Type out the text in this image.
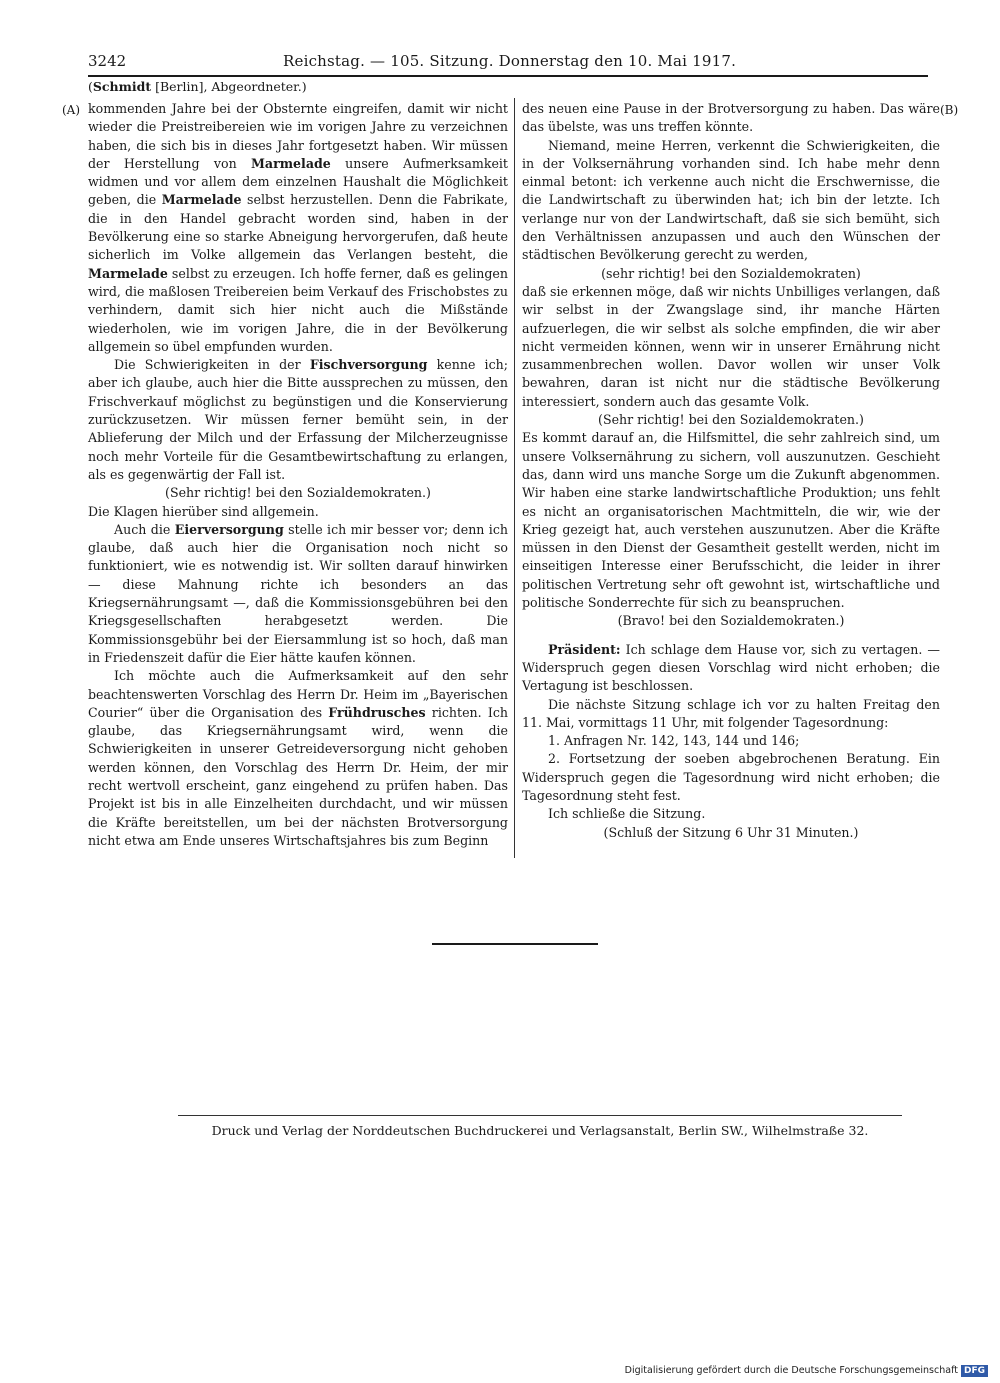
3242	Reichstag. — 105. Sitzung. Donnerstag den 10. Mai 1917.
(Schmidt [Berlin], Abgeordneter.)
(A)	(B)

kommenden Jahre bei der Obsternte eingreifen, damit wir nicht wieder die Preistreibereien wie im vorigen Jahre zu verzeichnen haben, die sich bis in dieses Jahr fortgesetzt haben. Wir müssen der Herstellung von Marmelade unsere Aufmerksamkeit widmen und vor allem dem einzelnen Haushalt die Möglichkeit geben, die Marmelade selbst herzustellen. Denn die Fabrikate, die in den Handel gebracht worden sind, haben in der Bevölkerung eine so starke Abneigung hervorgerufen, daß heute sicherlich im Volke allgemein das Verlangen besteht, die Marmelade selbst zu erzeugen. Ich hoffe ferner, daß es gelingen wird, die maßlosen Treibereien beim Verkauf des Frischobstes zu verhindern, damit sich hier nicht auch die Mißstände wiederholen, wie im vorigen Jahre, die in der Bevölkerung allgemein so übel empfunden wurden.

Die Schwierigkeiten in der Fischversorgung kenne ich; aber ich glaube, auch hier die Bitte aussprechen zu müssen, den Frischverkauf möglichst zu begünstigen und die Konservierung zurückzusetzen. Wir müssen ferner bemüht sein, in der Ablieferung der Milch und der Erfassung der Milcherzeugnisse noch mehr Vorteile für die Gesamtbewirtschaftung zu erlangen, als es gegenwärtig der Fall ist.

(Sehr richtig! bei den Sozialdemokraten.)

Die Klagen hierüber sind allgemein.

Auch die Eierversorgung stelle ich mir besser vor; denn ich glaube, daß auch hier die Organisation noch nicht so funktioniert, wie es notwendig ist. Wir sollten darauf hinwirken — diese Mahnung richte ich besonders an das Kriegsernährungsamt —, daß die Kommissionsgebühren bei den Kriegsgesellschaften herabgesetzt werden. Die Kommissionsgebühr bei der Eiersammlung ist so hoch, daß man in Friedenszeit dafür die Eier hätte kaufen können.

Ich möchte auch die Aufmerksamkeit auf den sehr beachtenswerten Vorschlag des Herrn Dr. Heim im „Bayerischen Courier“ über die Organisation des Frühdrusches richten. Ich glaube, das Kriegsernährungsamt wird, wenn die Schwierigkeiten in unserer Getreideversorgung nicht gehoben werden können, den Vorschlag des Herrn Dr. Heim, der mir recht wertvoll erscheint, ganz eingehend zu prüfen haben. Das Projekt ist bis in alle Einzelheiten durchdacht, und wir müssen die Kräfte bereitstellen, um bei der nächsten Brotversorgung nicht etwa am Ende unseres Wirtschaftsjahres bis zum Beginn

des neuen eine Pause in der Brotversorgung zu haben. Das wäre das übelste, was uns treffen könnte.

Niemand, meine Herren, verkennt die Schwierigkeiten, die in der Volksernährung vorhanden sind. Ich habe mehr denn einmal betont: ich verkenne auch nicht die Erschwernisse, die die Landwirtschaft zu überwinden hat; ich bin der letzte. Ich verlange nur von der Landwirtschaft, daß sie sich bemüht, sich den Verhältnissen anzupassen und auch den Wünschen der städtischen Bevölkerung gerecht zu werden,

(sehr richtig! bei den Sozialdemokraten)

daß sie erkennen möge, daß wir nichts Unbilliges verlangen, daß wir selbst in der Zwangslage sind, ihr manche Härten aufzuerlegen, die wir selbst als solche empfinden, die wir aber nicht vermeiden können, wenn wir in unserer Ernährung nicht zusammenbrechen wollen. Davor wollen wir unser Volk bewahren, daran ist nicht nur die städtische Bevölkerung interessiert, sondern auch das gesamte Volk.

(Sehr richtig! bei den Sozialdemokraten.)

Es kommt darauf an, die Hilfsmittel, die sehr zahlreich sind, um unsere Volksernährung zu sichern, voll auszunutzen. Geschieht das, dann wird uns manche Sorge um die Zukunft abgenommen. Wir haben eine starke landwirtschaftliche Produktion; uns fehlt es nicht an organisatorischen Machtmitteln, die wir, wie der Krieg gezeigt hat, auch verstehen auszunutzen. Aber die Kräfte müssen in den Dienst der Gesamtheit gestellt werden, nicht im einseitigen Interesse einer Berufsschicht, die leider in ihrer politischen Vertretung sehr oft gewohnt ist, wirtschaftliche und politische Sonderrechte für sich zu beanspruchen.

(Bravo! bei den Sozialdemokraten.)

Präsident: Ich schlage dem Hause vor, sich zu vertagen. — Widerspruch gegen diesen Vorschlag wird nicht erhoben; die Vertagung ist beschlossen.

Die nächste Sitzung schlage ich vor zu halten Freitag den 11. Mai, vormittags 11 Uhr, mit folgender Tagesordnung:

1. Anfragen Nr. 142, 143, 144 und 146;

2. Fortsetzung der soeben abgebrochenen Beratung. Ein Widerspruch gegen die Tagesordnung wird nicht erhoben; die Tagesordnung steht fest.

Ich schließe die Sitzung.

(Schluß der Sitzung 6 Uhr 31 Minuten.)

Druck und Verlag der Norddeutschen Buchdruckerei und Verlagsanstalt, Berlin SW., Wilhelmstraße 32.
Digitalisierung gefördert durch die Deutsche Forschungsgemeinschaft DFG
